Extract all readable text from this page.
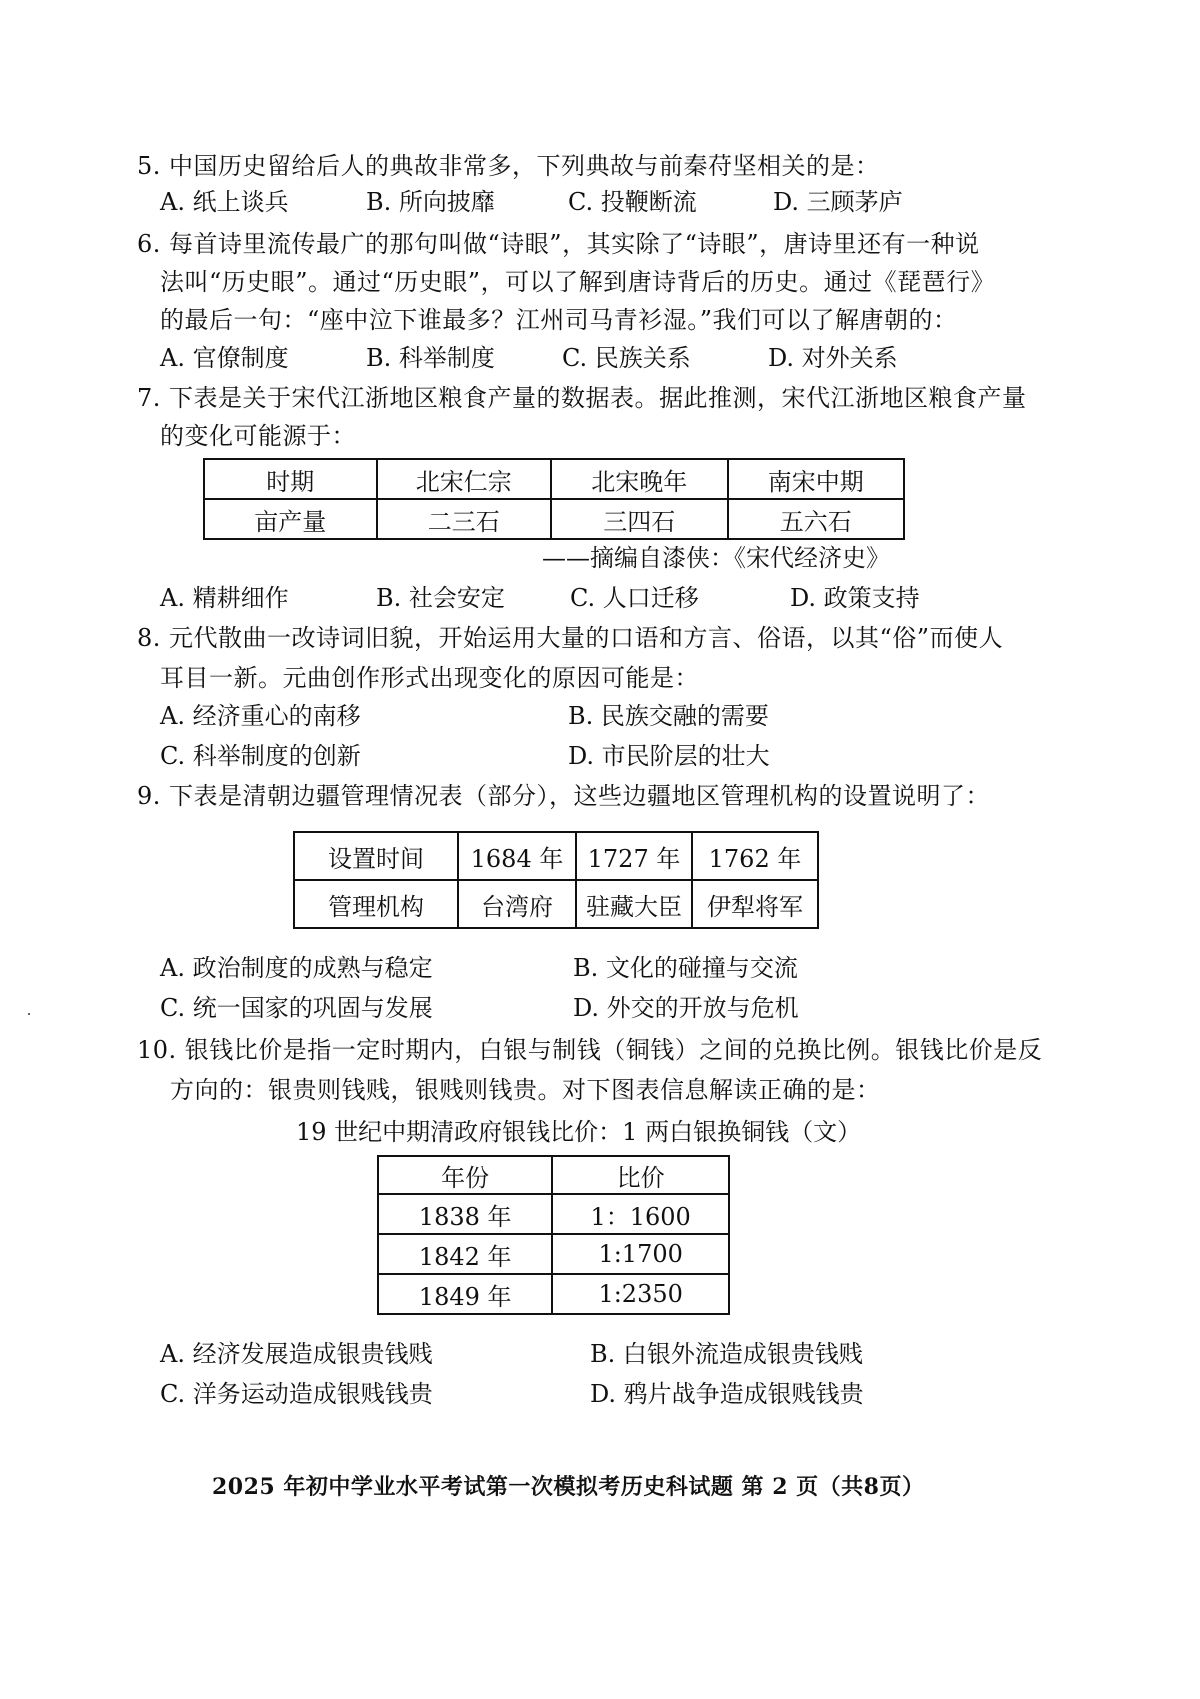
5. 中国历史留给后人的典故非常多，下列典故与前秦苻坚相关的是：
A. 纸上谈兵	B. 所向披靡	C. 投鞭断流	D. 三顾茅庐
6. 每首诗里流传最广的那句叫做“诗眼”，其实除了“诗眼”，唐诗里还有一种说
法叫“历史眼”。通过“历史眼”，可以了解到唐诗背后的历史。通过《琵琶行》
的最后一句：“座中泣下谁最多？江州司马青衫湿。”我们可以了解唐朝的：
A. 官僚制度	B. 科举制度	C. 民族关系	D. 对外关系
7. 下表是关于宋代江浙地区粮食产量的数据表。据此推测，宋代江浙地区粮食产量
的变化可能源于：
时期	北宋仁宗	北宋晚年	南宋中期
亩产量	二三石	三四石	五六石
——摘编自漆侠：《宋代经济史》
A. 精耕细作	B. 社会安定	C. 人口迁移	D. 政策支持
8. 元代散曲一改诗词旧貌，开始运用大量的口语和方言、俗语，以其“俗”而使人
耳目一新。元曲创作形式出现变化的原因可能是：
A. 经济重心的南移	B. 民族交融的需要
C. 科举制度的创新	D. 市民阶层的壮大
9. 下表是清朝边疆管理情况表（部分），这些边疆地区管理机构的设置说明了：
设置时间	1684 年	1727 年	1762 年
管理机构	台湾府	驻藏大臣	伊犁将军
A. 政治制度的成熟与稳定	B. 文化的碰撞与交流
C. 统一国家的巩固与发展	D. 外交的开放与危机
10. 银钱比价是指一定时期内，白银与制钱（铜钱）之间的兑换比例。银钱比价是反
方向的：银贵则钱贱，银贱则钱贵。对下图表信息解读正确的是：
19 世纪中期清政府银钱比价：1 两白银换铜钱（文）
年份	比价
1838 年	1：1600
1842 年	1:1700
1849 年	1:2350
A. 经济发展造成银贵钱贱	B. 白银外流造成银贵钱贱
C. 洋务运动造成银贱钱贵	D. 鸦片战争造成银贱钱贵
2025 年初中学业水平考试第一次模拟考历史科试题 第 2 页（共8页）
